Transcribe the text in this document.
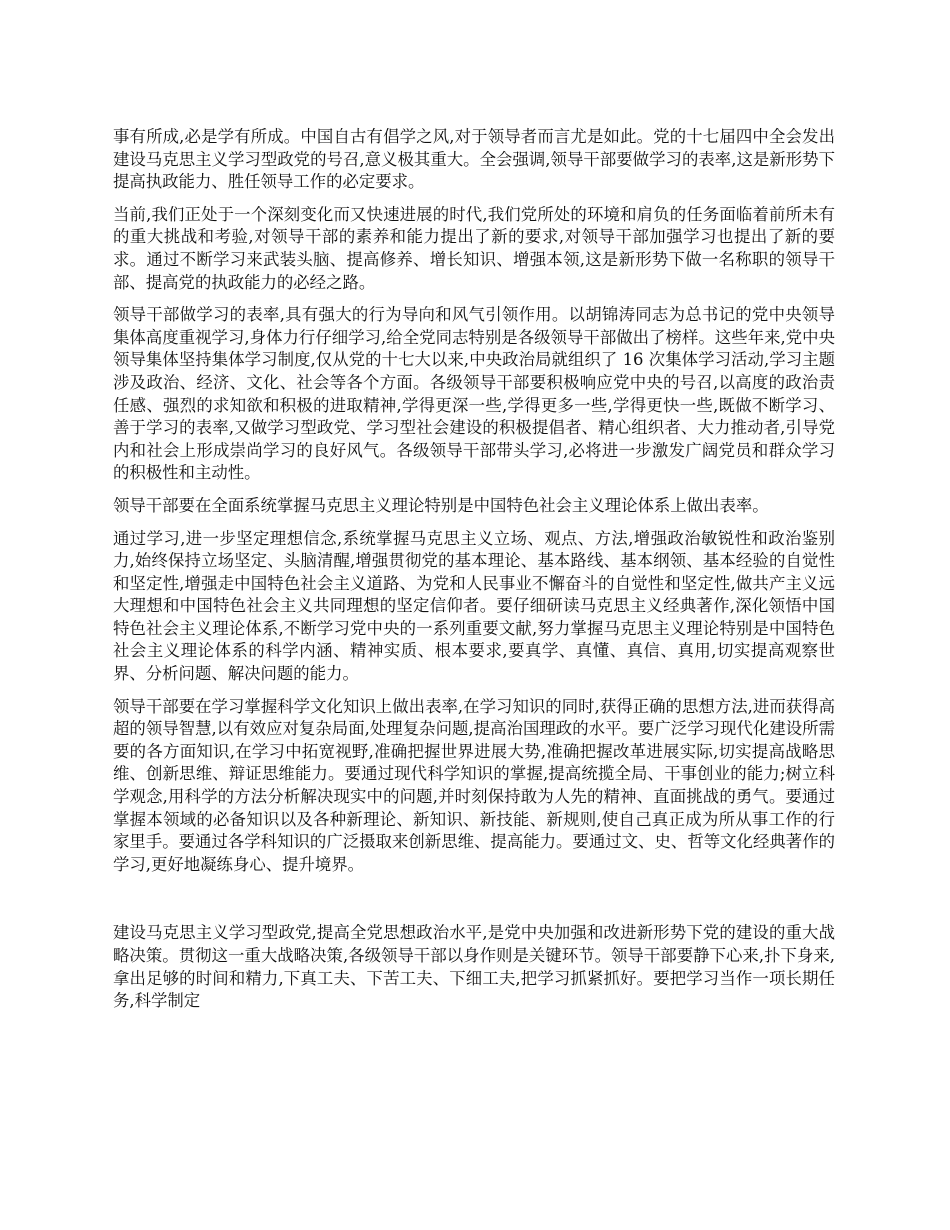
事有所成,必是学有所成。中国自古有倡学之风,对于领导者而言尤是如此。党的十七届四中全会发出建设马克思主义学习型政党的号召,意义极其重大。全会强调,领导干部要做学习的表率,这是新形势下提高执政能力、胜任领导工作的必定要求。

当前,我们正处于一个深刻变化而又快速进展的时代,我们党所处的环境和肩负的任务面临着前所未有的重大挑战和考验,对领导干部的素养和能力提出了新的要求,对领导干部加强学习也提出了新的要求。通过不断学习来武装头脑、提高修养、增长知识、增强本领,这是新形势下做一名称职的领导干部、提高党的执政能力的必经之路。

领导干部做学习的表率,具有强大的行为导向和风气引领作用。以胡锦涛同志为总书记的党中央领导集体高度重视学习,身体力行仔细学习,给全党同志特别是各级领导干部做出了榜样。这些年来,党中央领导集体坚持集体学习制度,仅从党的十七大以来,中央政治局就组织了 16 次集体学习活动,学习主题涉及政治、经济、文化、社会等各个方面。各级领导干部要积极响应党中央的号召,以高度的政治责任感、强烈的求知欲和积极的进取精神,学得更深一些,学得更多一些,学得更快一些,既做不断学习、善于学习的表率,又做学习型政党、学习型社会建设的积极提倡者、精心组织者、大力推动者,引导党内和社会上形成崇尚学习的良好风气。各级领导干部带头学习,必将进一步激发广阔党员和群众学习的积极性和主动性。

领导干部要在全面系统掌握马克思主义理论特别是中国特色社会主义理论体系上做出表率。

通过学习,进一步坚定理想信念,系统掌握马克思主义立场、观点、方法,增强政治敏锐性和政治鉴别力,始终保持立场坚定、头脑清醒,增强贯彻党的基本理论、基本路线、基本纲领、基本经验的自觉性和坚定性,增强走中国特色社会主义道路、为党和人民事业不懈奋斗的自觉性和坚定性,做共产主义远大理想和中国特色社会主义共同理想的坚定信仰者。要仔细研读马克思主义经典著作,深化领悟中国特色社会主义理论体系,不断学习党中央的一系列重要文献,努力掌握马克思主义理论特别是中国特色社会主义理论体系的科学内涵、精神实质、根本要求,要真学、真懂、真信、真用,切实提高观察世界、分析问题、解决问题的能力。

领导干部要在学习掌握科学文化知识上做出表率,在学习知识的同时,获得正确的思想方法,进而获得高超的领导智慧,以有效应对复杂局面,处理复杂问题,提高治国理政的水平。要广泛学习现代化建设所需要的各方面知识,在学习中拓宽视野,准确把握世界进展大势,准确把握改革进展实际,切实提高战略思维、创新思维、辩证思维能力。要通过现代科学知识的掌握,提高统揽全局、干事创业的能力;树立科学观念,用科学的方法分析解决现实中的问题,并时刻保持敢为人先的精神、直面挑战的勇气。要通过掌握本领域的必备知识以及各种新理论、新知识、新技能、新规则,使自己真正成为所从事工作的行家里手。要通过各学科知识的广泛摄取来创新思维、提高能力。要通过文、史、哲等文化经典著作的学习,更好地凝练身心、提升境界。

建设马克思主义学习型政党,提高全党思想政治水平,是党中央加强和改进新形势下党的建设的重大战略决策。贯彻这一重大战略决策,各级领导干部以身作则是关键环节。领导干部要静下心来,扑下身来,拿出足够的时间和精力,下真工夫、下苦工夫、下细工夫,把学习抓紧抓好。要把学习当作一项长期任务,科学制定
